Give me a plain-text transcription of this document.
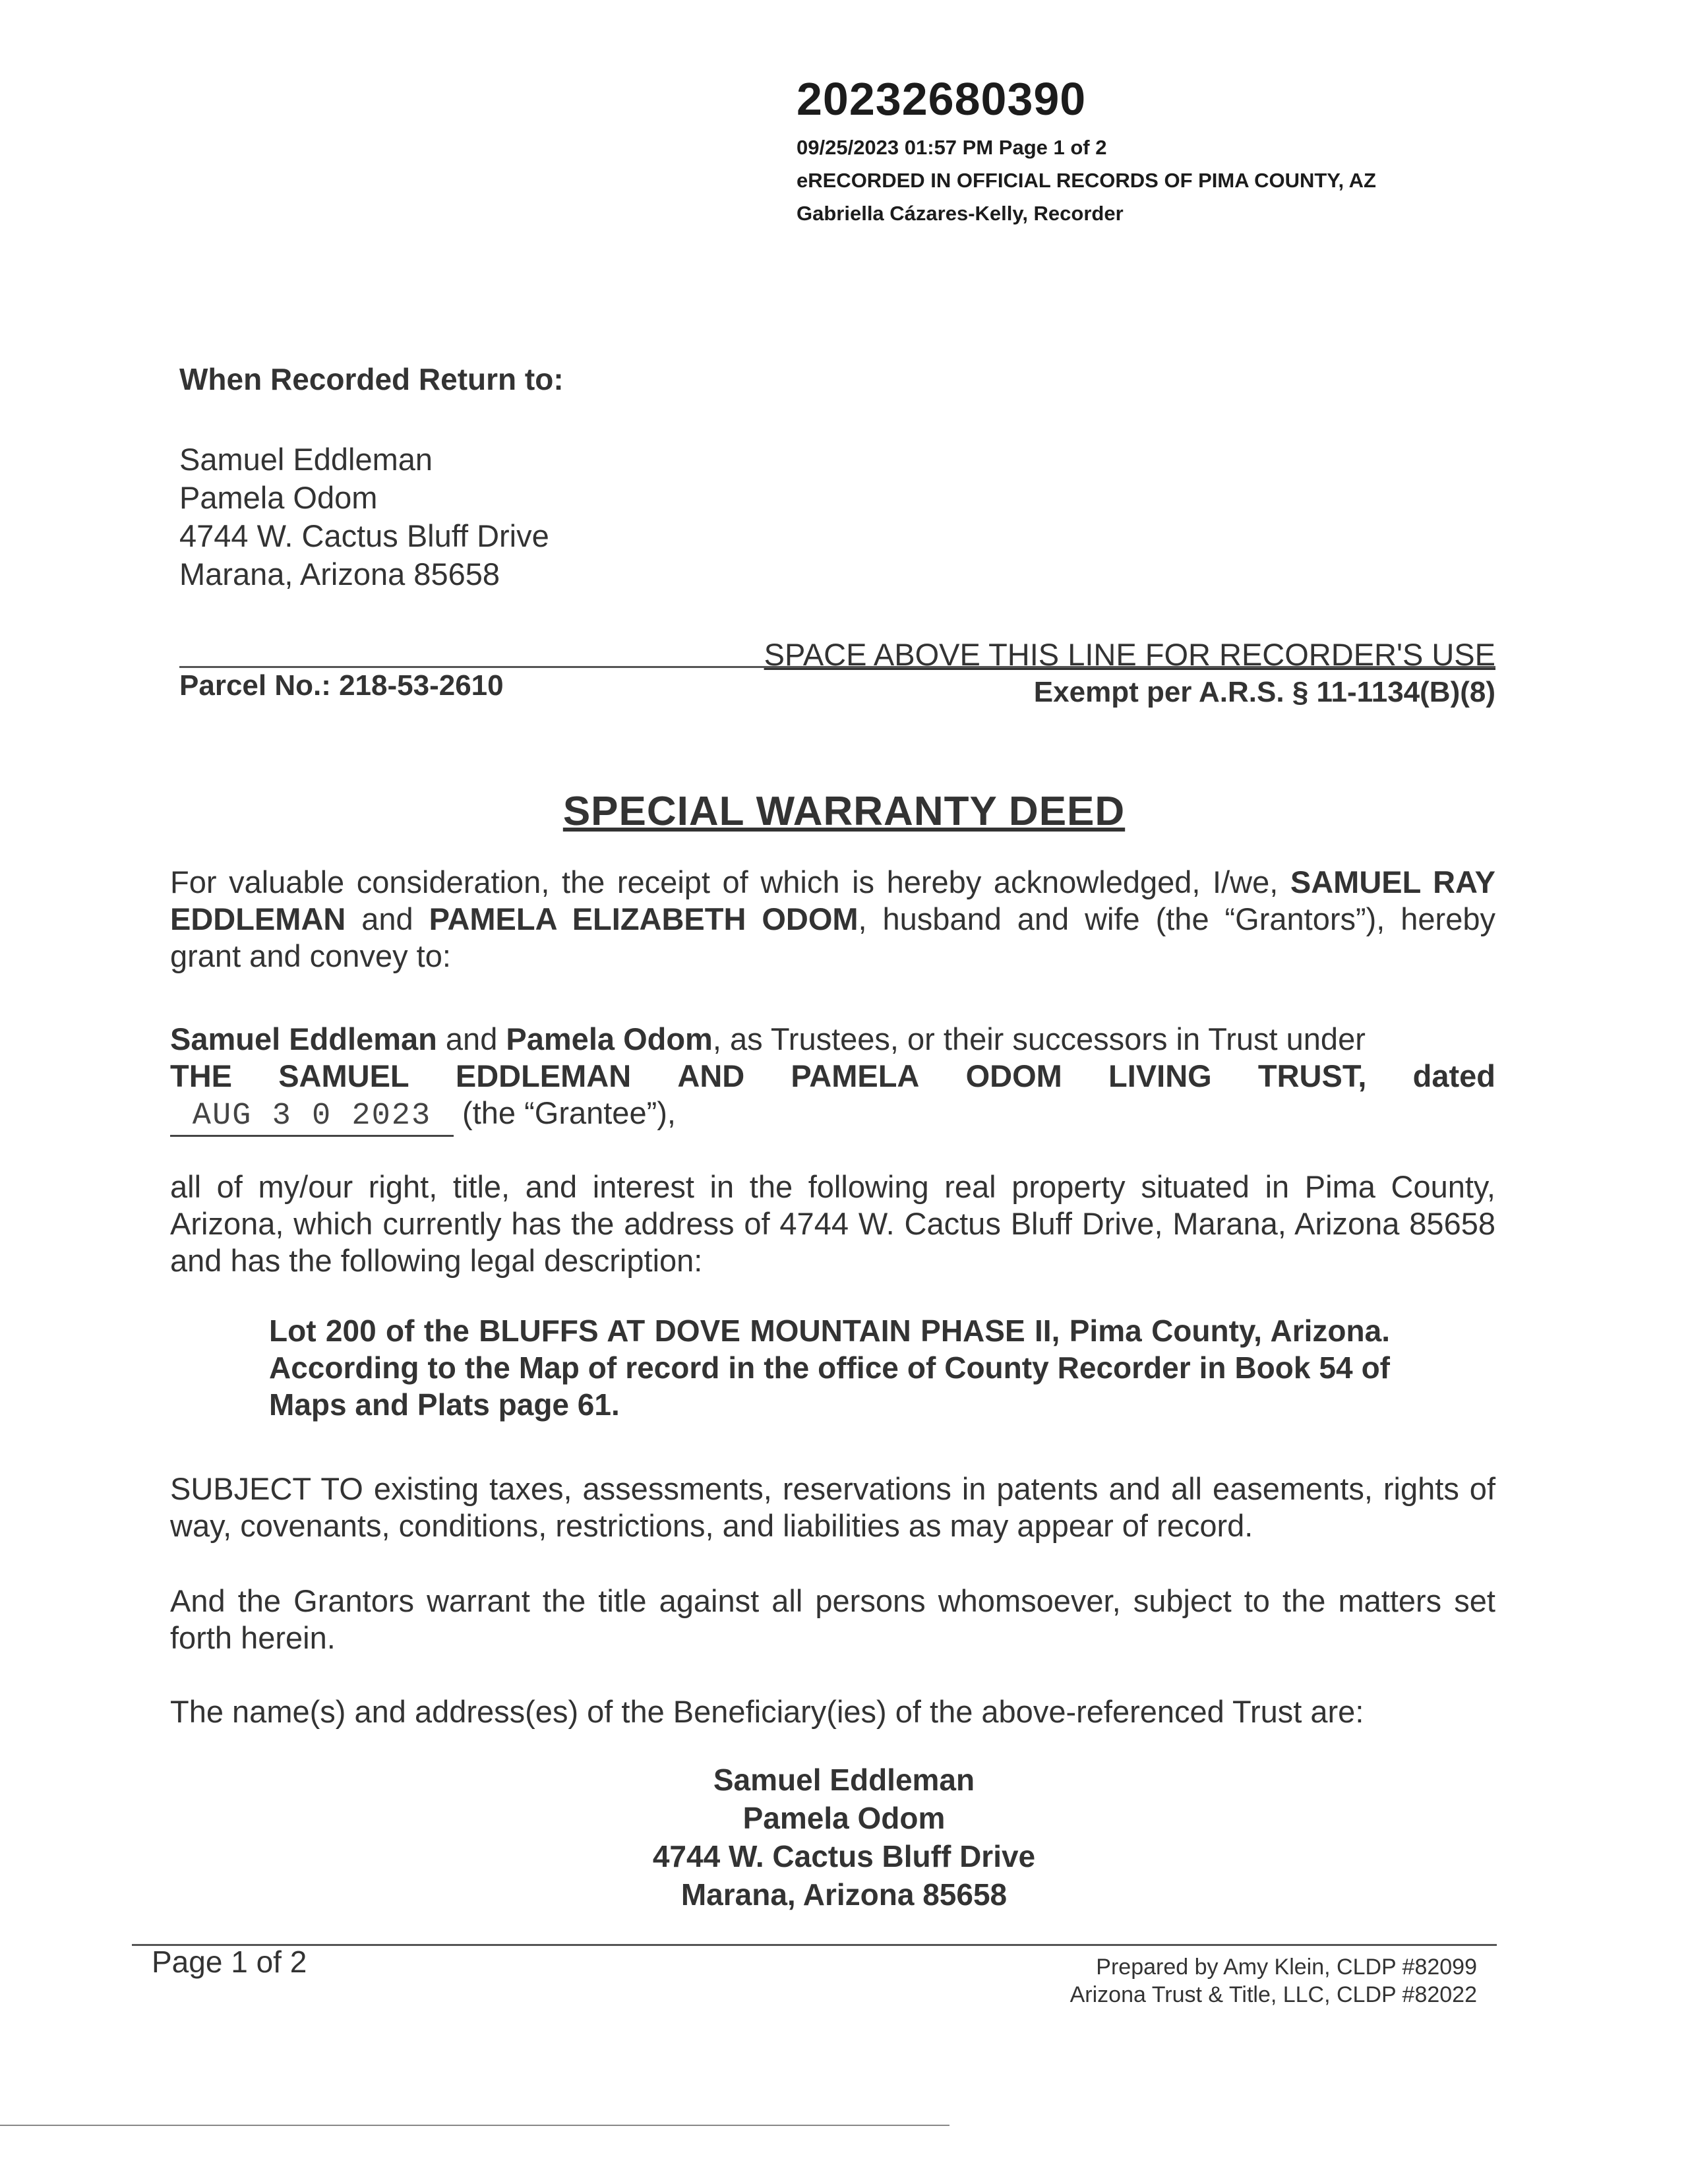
20232680390
09/25/2023 01:57 PM Page 1 of 2
eRECORDED IN OFFICIAL RECORDS OF PIMA COUNTY, AZ
Gabriella Cázares-Kelly, Recorder
When Recorded Return to:
Samuel Eddleman
Pamela Odom
4744 W. Cactus Bluff Drive
Marana, Arizona 85658
SPACE ABOVE THIS LINE FOR RECORDER'S USE
Parcel No.: 218-53-2610	Exempt per A.R.S. § 11-1134(B)(8)
SPECIAL WARRANTY DEED
For valuable consideration, the receipt of which is hereby acknowledged, I/we, SAMUEL RAY EDDLEMAN and PAMELA ELIZABETH ODOM, husband and wife (the “Grantors”), hereby grant and convey to:
Samuel Eddleman and Pamela Odom, as Trustees, or their successors in Trust under
THE SAMUEL EDDLEMAN AND PAMELA ODOM LIVING TRUST, dated
AUG 3 0 2023 (the “Grantee”),
all of my/our right, title, and interest in the following real property situated in Pima County, Arizona, which currently has the address of 4744 W. Cactus Bluff Drive, Marana, Arizona 85658 and has the following legal description:
Lot 200 of the BLUFFS AT DOVE MOUNTAIN PHASE II, Pima County, Arizona. According to the Map of record in the office of County Recorder in Book 54 of Maps and Plats page 61.
SUBJECT TO existing taxes, assessments, reservations in patents and all easements, rights of way, covenants, conditions, restrictions, and liabilities as may appear of record.
And the Grantors warrant the title against all persons whomsoever, subject to the matters set forth herein.
The name(s) and address(es) of the Beneficiary(ies) of the above-referenced Trust are:
Samuel Eddleman
Pamela Odom
4744 W. Cactus Bluff Drive
Marana, Arizona 85658
Page 1 of 2	Prepared by Amy Klein, CLDP #82099
Arizona Trust & Title, LLC, CLDP #82022
